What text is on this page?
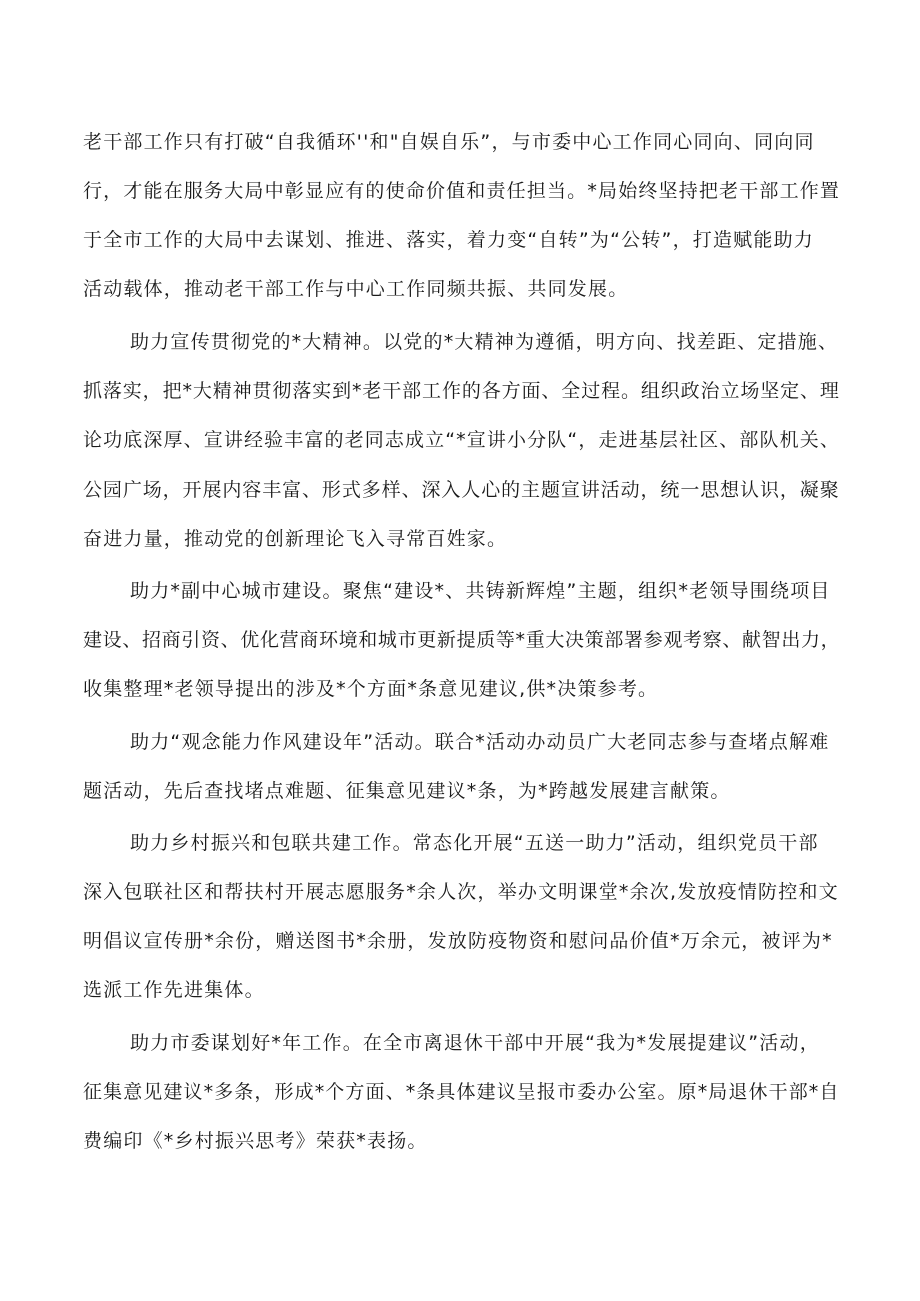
老干部工作只有打破“自我循环''和"自娱自乐”，与市委中心工作同心同向、同向同
行，才能在服务大局中彰显应有的使命价值和责任担当。*局始终坚持把老干部工作置
于全市工作的大局中去谋划、推进、落实，着力变“自转”为“公转”，打造赋能助力
活动载体，推动老干部工作与中心工作同频共振、共同发展。
助力宣传贯彻党的*大精神。以党的*大精神为遵循，明方向、找差距、定措施、
抓落实，把*大精神贯彻落实到*老干部工作的各方面、全过程。组织政治立场坚定、理
论功底深厚、宣讲经验丰富的老同志成立“*宣讲小分队“，走进基层社区、部队机关、
公园广场，开展内容丰富、形式多样、深入人心的主题宣讲活动，统一思想认识，凝聚
奋进力量，推动党的创新理论飞入寻常百姓家。
助力*副中心城市建设。聚焦“建设*、共铸新辉煌”主题，组织*老领导围绕项目
建设、招商引资、优化营商环境和城市更新提质等*重大决策部署参观考察、献智出力，
收集整理*老领导提出的涉及*个方面*条意见建议,供*决策参考。
助力“观念能力作风建设年”活动。联合*活动办动员广大老同志参与查堵点解难
题活动，先后查找堵点难题、征集意见建议*条，为*跨越发展建言献策。
助力乡村振兴和包联共建工作。常态化开展“五送一助力”活动，组织党员干部
深入包联社区和帮扶村开展志愿服务*余人次，举办文明课堂*余次,发放疫情防控和文
明倡议宣传册*余份，赠送图书*余册，发放防疫物资和慰问品价值*万余元，被评为*
选派工作先进集体。
助力市委谋划好*年工作。在全市离退休干部中开展“我为*发展提建议”活动，
征集意见建议*多条，形成*个方面、*条具体建议呈报市委办公室。原*局退休干部*自
费编印《*乡村振兴思考》荣获*表扬。
